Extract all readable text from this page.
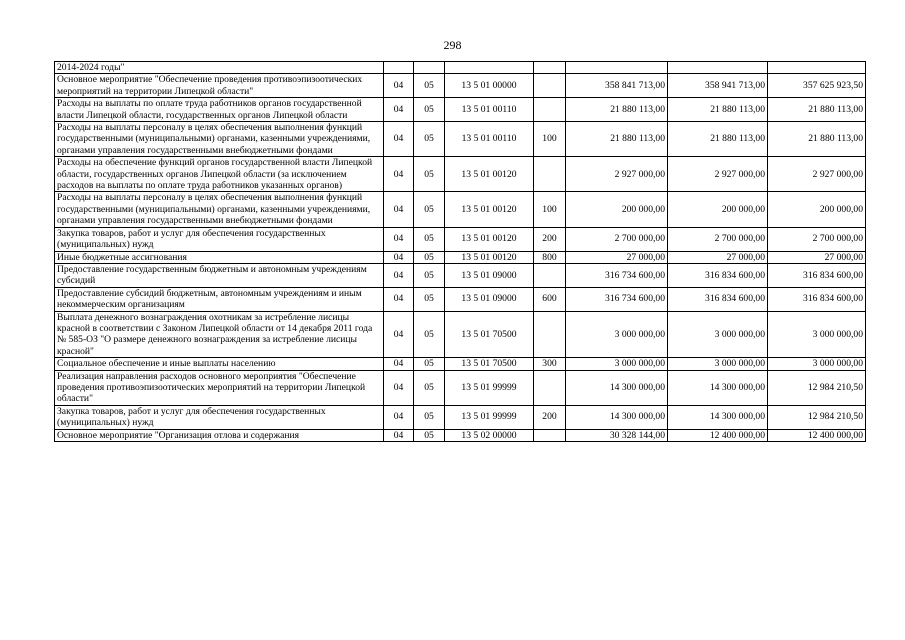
298
2014-2024 годы"							
Основное мероприятие "Обеспечение проведения противоэпизоотических мероприятий на территории Липецкой области"	04	05	13 5 01 00000		358 841 713,00	358 941 713,00	357 625 923,50
Расходы на выплаты по оплате труда работников органов государственной власти Липецкой области, государственных органов Липецкой области	04	05	13 5 01 00110		21 880 113,00	21 880 113,00	21 880 113,00
Расходы на выплаты персоналу в целях обеспечения выполнения функций государственными (муниципальными) органами, казенными учреждениями, органами управления государственными внебюджетными фондами	04	05	13 5 01 00110	100	21 880 113,00	21 880 113,00	21 880 113,00
Расходы на обеспечение функций органов государственной власти Липецкой области, государственных органов Липецкой области (за исключением расходов на выплаты по оплате труда работников указанных органов)	04	05	13 5 01 00120		2 927 000,00	2 927 000,00	2 927 000,00
Расходы на выплаты персоналу в целях обеспечения выполнения функций государственными (муниципальными) органами, казенными учреждениями, органами управления государственными внебюджетными фондами	04	05	13 5 01 00120	100	200 000,00	200 000,00	200 000,00
Закупка товаров, работ и услуг для обеспечения государственных (муниципальных) нужд	04	05	13 5 01 00120	200	2 700 000,00	2 700 000,00	2 700 000,00
Иные бюджетные ассигнования	04	05	13 5 01 00120	800	27 000,00	27 000,00	27 000,00
Предоставление государственным бюджетным и автономным учреждениям субсидий	04	05	13 5 01 09000		316 734 600,00	316 834 600,00	316 834 600,00
Предоставление субсидий бюджетным, автономным учреждениям и иным некоммерческим организациям	04	05	13 5 01 09000	600	316 734 600,00	316 834 600,00	316 834 600,00
Выплата денежного вознаграждения охотникам за истребление лисицы красной в соответствии с Законом Липецкой области от 14 декабря 2011 года № 585-ОЗ "О размере денежного вознаграждения за истребление лисицы красной"	04	05	13 5 01 70500		3 000 000,00	3 000 000,00	3 000 000,00
Социальное обеспечение и иные выплаты населению	04	05	13 5 01 70500	300	3 000 000,00	3 000 000,00	3 000 000,00
Реализация направления расходов основного мероприятия "Обеспечение проведения противоэпизоотических мероприятий на территории Липецкой области"	04	05	13 5 01 99999		14 300 000,00	14 300 000,00	12 984 210,50
Закупка товаров, работ и услуг для обеспечения государственных (муниципальных) нужд	04	05	13 5 01 99999	200	14 300 000,00	14 300 000,00	12 984 210,50
Основное мероприятие "Организация отлова и содержания	04	05	13 5 02 00000		30 328 144,00	12 400 000,00	12 400 000,00
